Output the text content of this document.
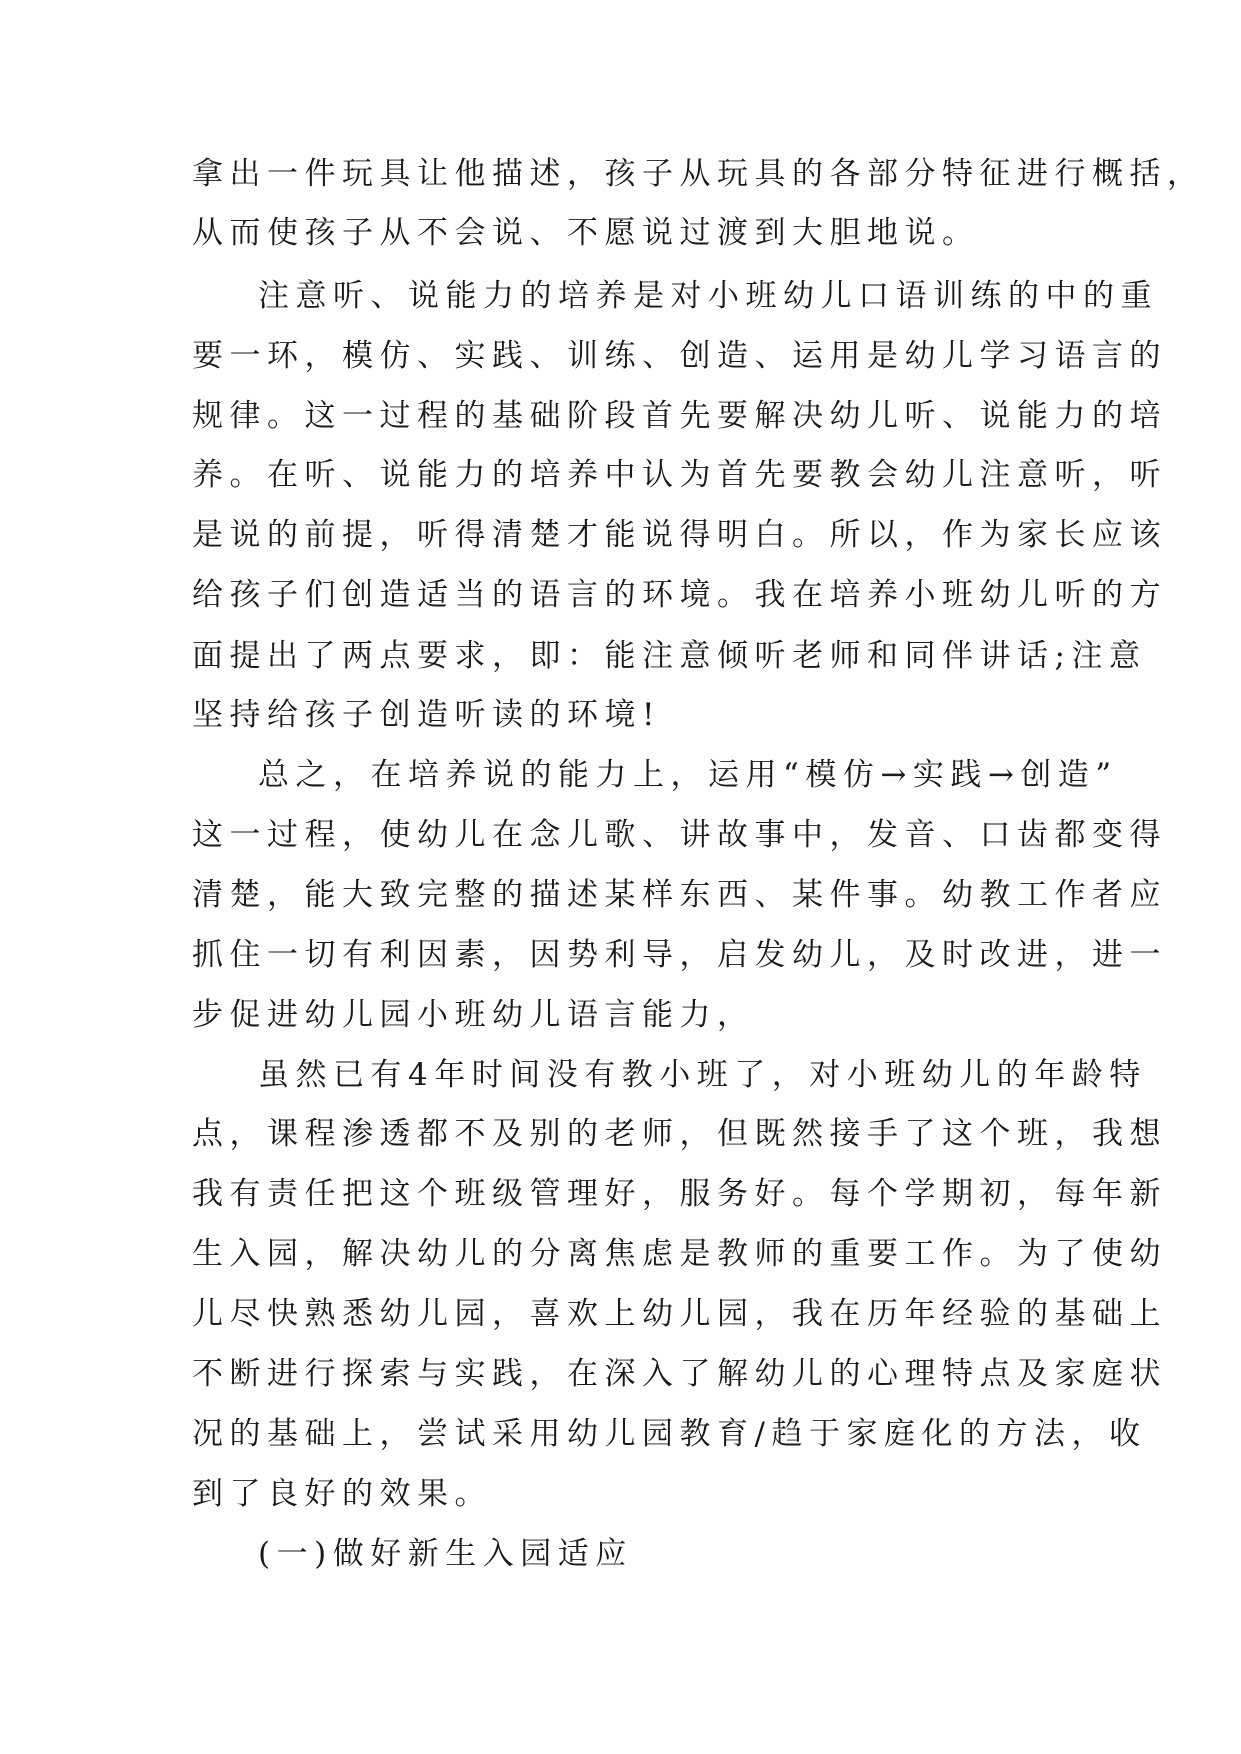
拿出一件玩具让他描述，孩子从玩具的各部分特征进行概括，
从而使孩子从不会说、不愿说过渡到大胆地说。
注意听、说能力的培养是对小班幼儿口语训练的中的重
要一环，模仿、实践、训练、创造、运用是幼儿学习语言的
规律。这一过程的基础阶段首先要解决幼儿听、说能力的培
养。在听、说能力的培养中认为首先要教会幼儿注意听，听
是说的前提，听得清楚才能说得明白。所以，作为家长应该
给孩子们创造适当的语言的环境。我在培养小班幼儿听的方
面提出了两点要求，即：能注意倾听老师和同伴讲话;注意
坚持给孩子创造听读的环境!
总之，在培养说的能力上，运用“模仿→实践→创造”
这一过程，使幼儿在念儿歌、讲故事中，发音、口齿都变得
清楚，能大致完整的描述某样东西、某件事。幼教工作者应
抓住一切有利因素，因势利导，启发幼儿，及时改进，进一
步促进幼儿园小班幼儿语言能力，
虽然已有4年时间没有教小班了，对小班幼儿的年龄特
点，课程渗透都不及别的老师，但既然接手了这个班，我想
我有责任把这个班级管理好，服务好。每个学期初，每年新
生入园，解决幼儿的分离焦虑是教师的重要工作。为了使幼
儿尽快熟悉幼儿园，喜欢上幼儿园，我在历年经验的基础上
不断进行探索与实践，在深入了解幼儿的心理特点及家庭状
况的基础上，尝试采用幼儿园教育/趋于家庭化的方法，收
到了良好的效果。
(一)做好新生入园适应
